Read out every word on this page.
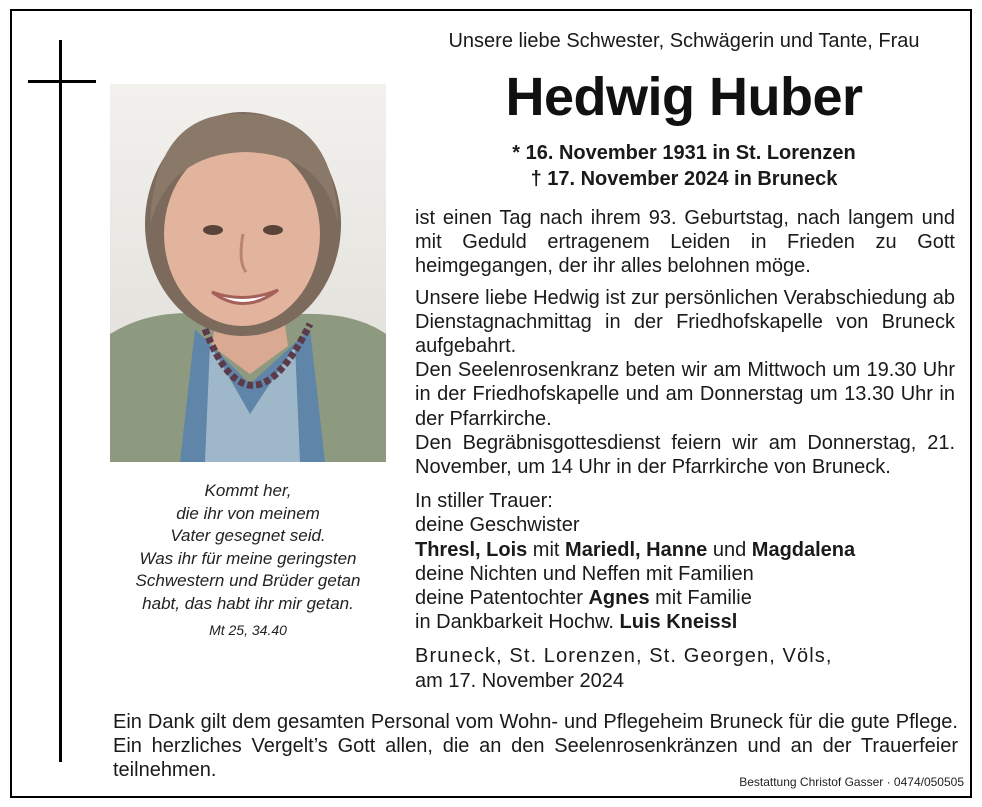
Kommt her,
die ihr von meinem
Vater gesegnet seid.
Was ihr für meine geringsten
Schwestern und Brüder getan
habt, das habt ihr mir getan.
Mt 25, 34.40
Unsere liebe Schwester, Schwägerin und Tante, Frau
Hedwig Huber
* 16. November 1931 in St. Lorenzen
† 17. November 2024 in Bruneck

ist einen Tag nach ihrem 93. Geburtstag, nach langem und mit Geduld ertragenem Leiden in Frieden zu Gott heimgegangen, der ihr alles belohnen möge.

Unsere liebe Hedwig ist zur persönlichen Verabschiedung ab Dienstagnachmittag in der Friedhofskapelle von Bruneck aufgebahrt.

Den Seelenrosenkranz beten wir am Mittwoch um 19.30 Uhr in der Friedhofskapelle und am Donnerstag um 13.30 Uhr in der Pfarrkirche.

Den Begräbnisgottesdienst feiern wir am Donnerstag, 21. November, um 14 Uhr in der Pfarrkirche von Bruneck.

In stiller Trauer:

deine Geschwister

Thresl, Lois mit Mariedl, Hanne und Magdalena

deine Nichten und Neffen mit Familien

deine Patentochter Agnes mit Familie

in Dankbarkeit Hochw. Luis Kneissl

Bruneck, St. Lorenzen, St. Georgen, Völs,

am 17. November 2024

Ein Dank gilt dem gesamten Personal vom Wohn- und Pflegeheim Bruneck für die gute Pflege. Ein herzliches Vergelt’s Gott allen, die an den Seelenrosenkränzen und an der Trauerfeier teilnehmen.
Bestattung Christof Gasser · 0474/050505
